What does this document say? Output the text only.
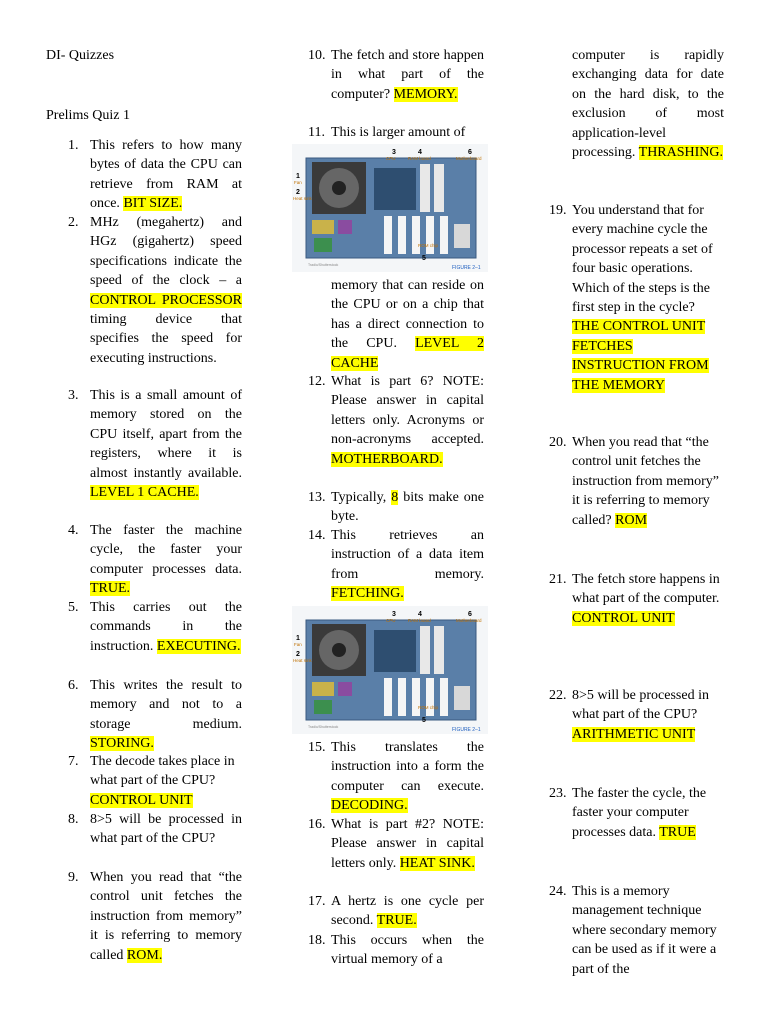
DI- Quizzes
Prelims Quiz 1
1. This refers to how many bytes of data the CPU can retrieve from RAM at once. BIT SIZE.
2. MHz (megahertz) and HGz (gigahertz) speed specifications indicate the speed of the clock – a CONTROL PROCESSOR timing device that specifies the speed for executing instructions.
3. This is a small amount of memory stored on the CPU itself, apart from the registers, where it is almost instantly available. LEVEL 1 CACHE.
4. The faster the machine cycle, the faster your computer processes data. TRUE.
5. This carries out the commands in the instruction. EXECUTING.
6. This writes the result to memory and not to a storage medium. STORING.
7. The decode takes place in what part of the CPU? CONTROL UNIT
8. 8>5 will be processed in what part of the CPU?
9. When you read that “the control unit fetches the instruction from memory” it is referring to memory called ROM.
10. The fetch and store happen in what part of the computer? MEMORY.
11. This is larger amount of
3	4	6
CPU	RAM board	Motherboard
1
Fan
2
Heat sink
ROM chip
5
FIGURE 2–1
Tradio/Shutterstock
memory that can reside on the CPU or on a chip that has a direct connection to the CPU. LEVEL 2 CACHE
12. What is part 6? NOTE: Please answer in capital letters only. Acronyms or non-acronyms accepted. MOTHERBOARD.
13. Typically, 8 bits make one byte.
14. This retrieves an instruction of a data item from memory. FETCHING.
3	4	6
CPU	RAM board	Motherboard
1
Fan
2
Heat sink
ROM chip
5
FIGURE 2–1
Tradio/Shutterstock
15. This translates the instruction into a form the computer can execute. DECODING.
16. What is part #2? NOTE: Please answer in capital letters only. HEAT SINK.
17. A hertz is one cycle per second. TRUE.
18. This occurs when the virtual memory of a
computer is rapidly exchanging data for date on the hard disk, to the exclusion of most application-level processing. THRASHING.
19. You understand that for every machine cycle the processor repeats a set of four basic operations. Which of the steps is the first step in the cycle? THE CONTROL UNIT FETCHES INSTRUCTION FROM THE MEMORY
20. When you read that “the control unit fetches the instruction from memory” it is referring to memory called? ROM
21. The fetch store happens in what part of the computer. CONTROL UNIT
22. 8>5 will be processed in what part of the CPU? ARITHMETIC UNIT
23. The faster the cycle, the faster your computer processes data. TRUE
24. This is a memory management technique where secondary memory can be used as if it were a part of the
